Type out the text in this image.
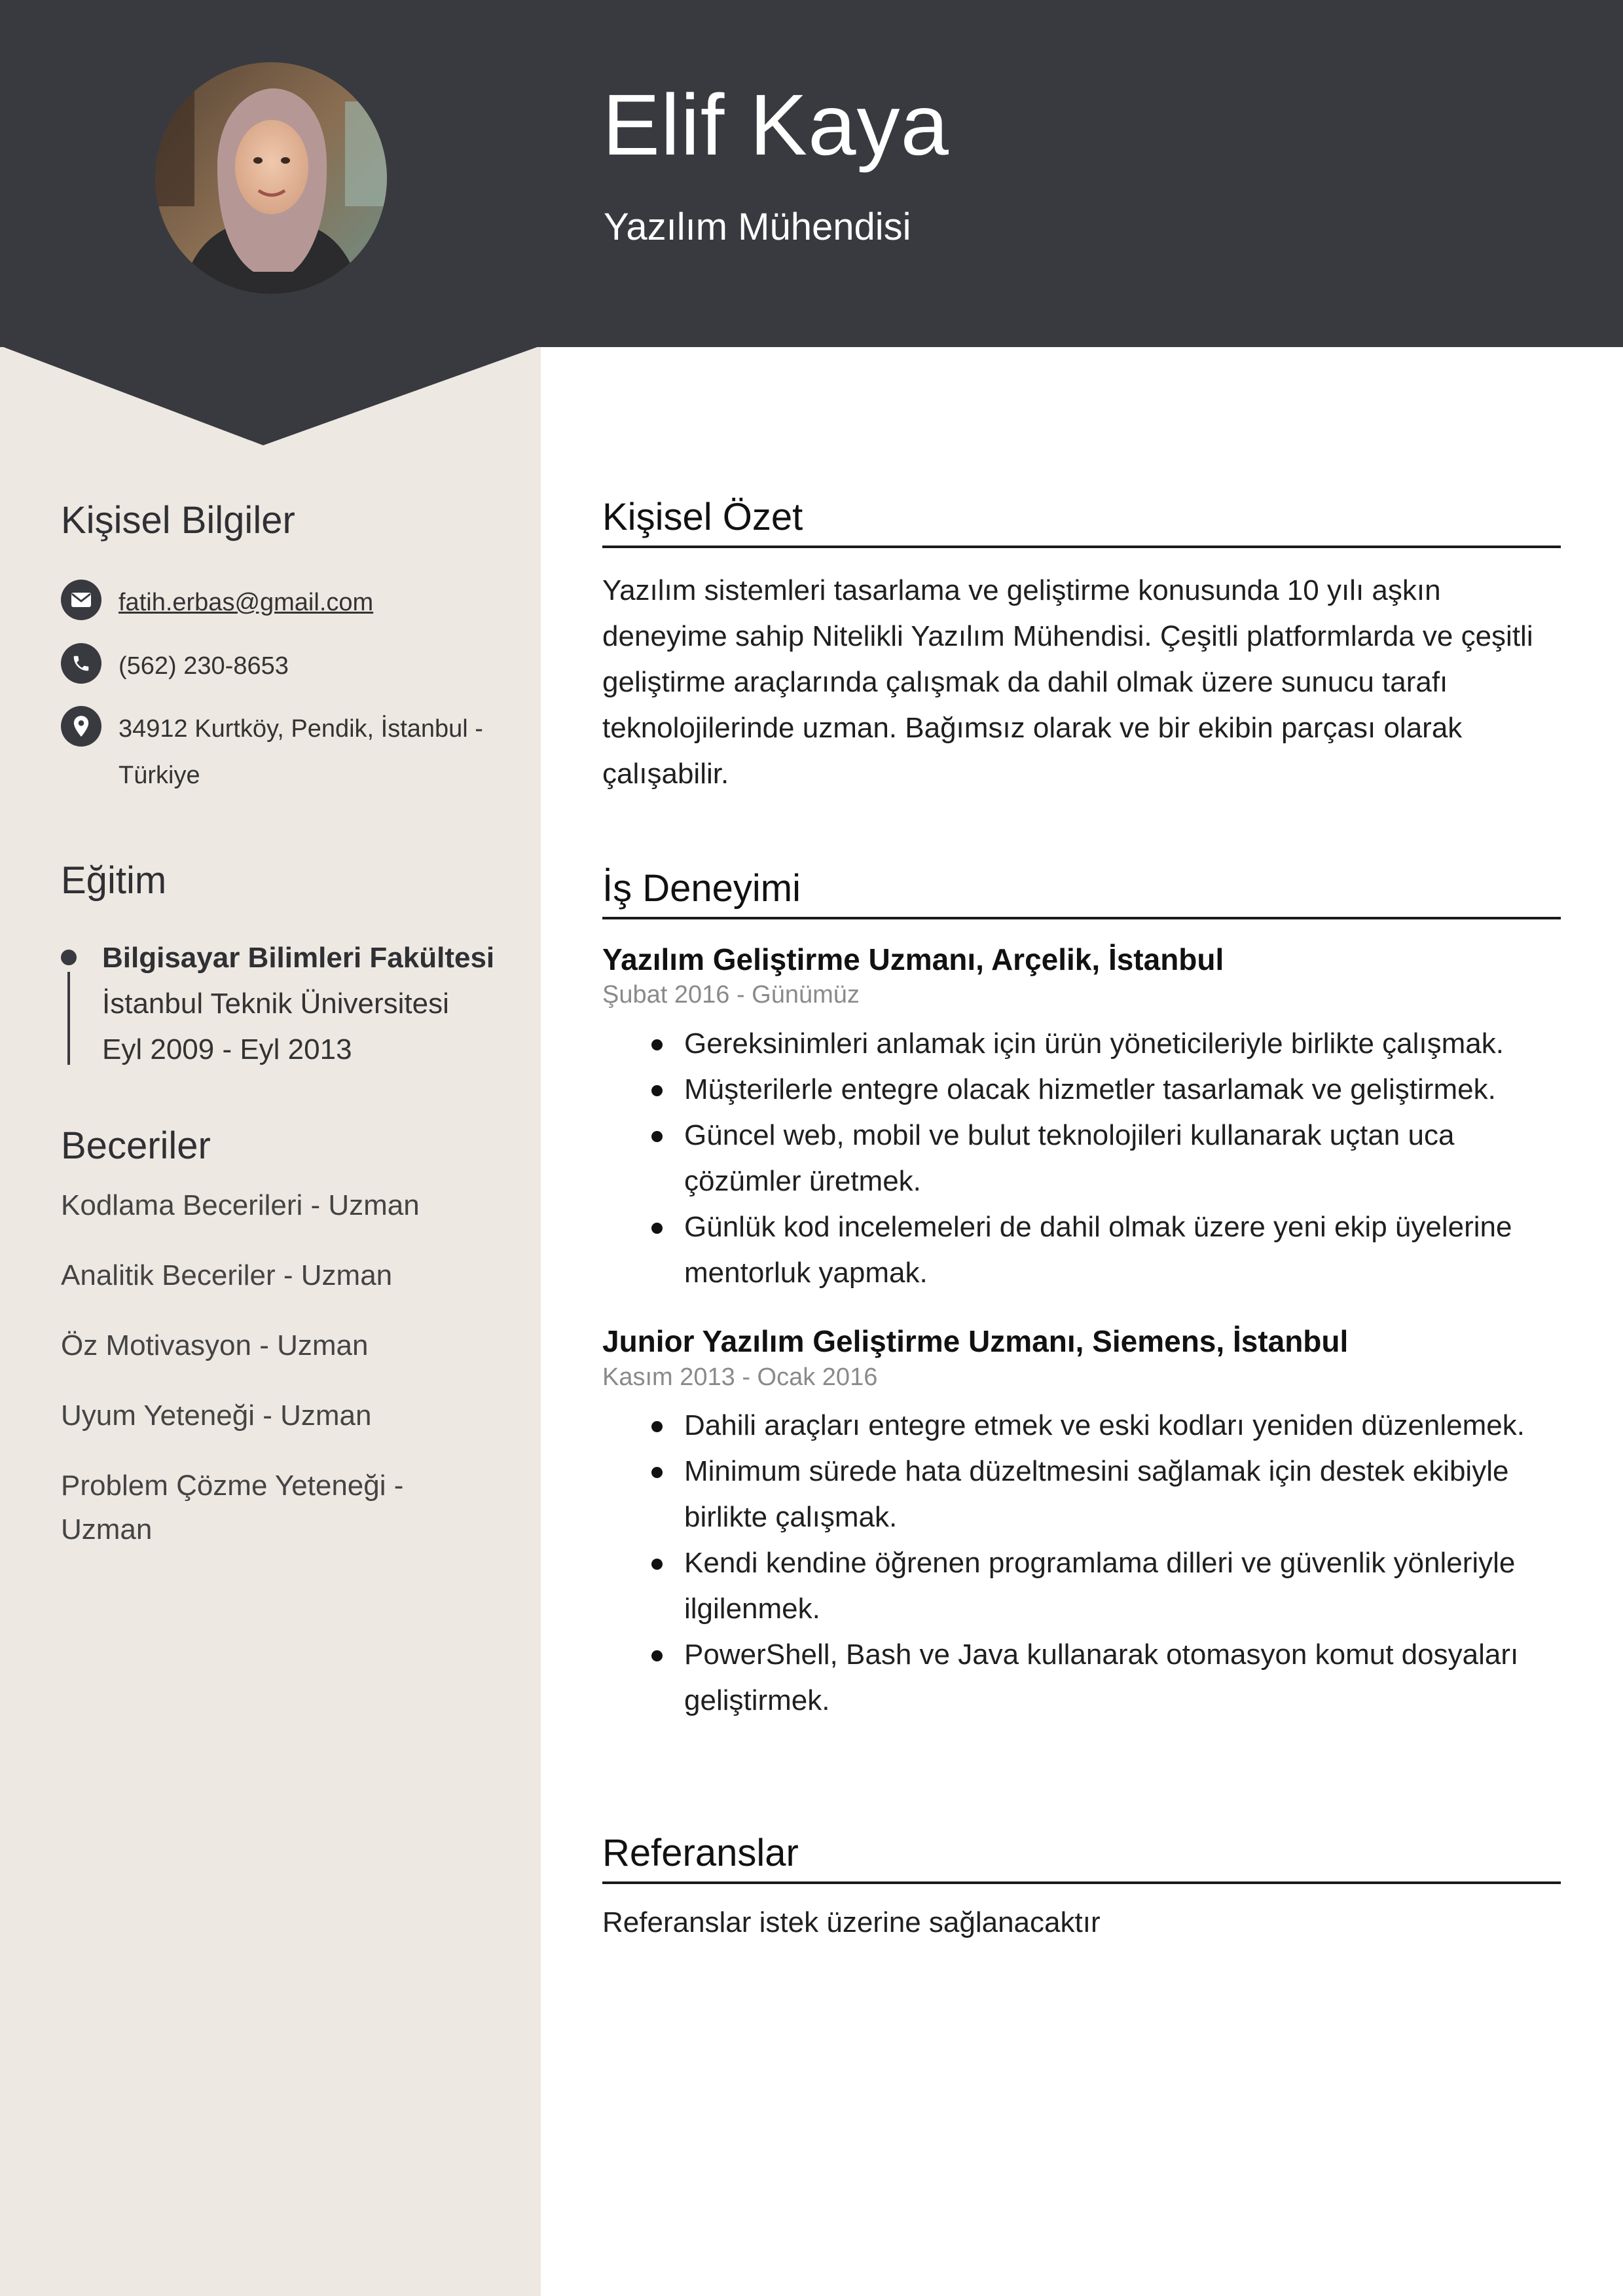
Elif Kaya
Yazılım Mühendisi
Kişisel Bilgiler
fatih.erbas@gmail.com
(562) 230-8653
34912 Kurtköy, Pendik, İstanbul - Türkiye
Eğitim
Bilgisayar Bilimleri Fakültesi
İstanbul Teknik Üniversitesi
Eyl 2009 - Eyl 2013
Beceriler

Kodlama Becerileri - Uzman

Analitik Beceriler - Uzman

Öz Motivasyon - Uzman

Uyum Yeteneği - Uzman

Problem Çözme Yeteneği - Uzman

Kişisel Özet

Yazılım sistemleri tasarlama ve geliştirme konusunda 10 yılı aşkın deneyime sahip Nitelikli Yazılım Mühendisi. Çeşitli platformlarda ve çeşitli geliştirme araçlarında çalışmak da dahil olmak üzere sunucu tarafı teknolojilerinde uzman. Bağımsız olarak ve bir ekibin parçası olarak çalışabilir.

İş Deneyimi
Yazılım Geliştirme Uzmanı, Arçelik, İstanbul
Şubat 2016 - Günümüz
Gereksinimleri anlamak için ürün yöneticileriyle birlikte çalışmak.
Müşterilerle entegre olacak hizmetler tasarlamak ve geliştirmek.
Güncel web, mobil ve bulut teknolojileri kullanarak uçtan uca çözümler üretmek.
Günlük kod incelemeleri de dahil olmak üzere yeni ekip üyelerine mentorluk yapmak.
Junior Yazılım Geliştirme Uzmanı, Siemens, İstanbul
Kasım 2013 - Ocak 2016
Dahili araçları entegre etmek ve eski kodları yeniden düzenlemek.
Minimum sürede hata düzeltmesini sağlamak için destek ekibiyle birlikte çalışmak.
Kendi kendine öğrenen programlama dilleri ve güvenlik yönleriyle ilgilenmek.
PowerShell, Bash ve Java kullanarak otomasyon komut dosyaları geliştirmek.
Referanslar

Referanslar istek üzerine sağlanacaktır
